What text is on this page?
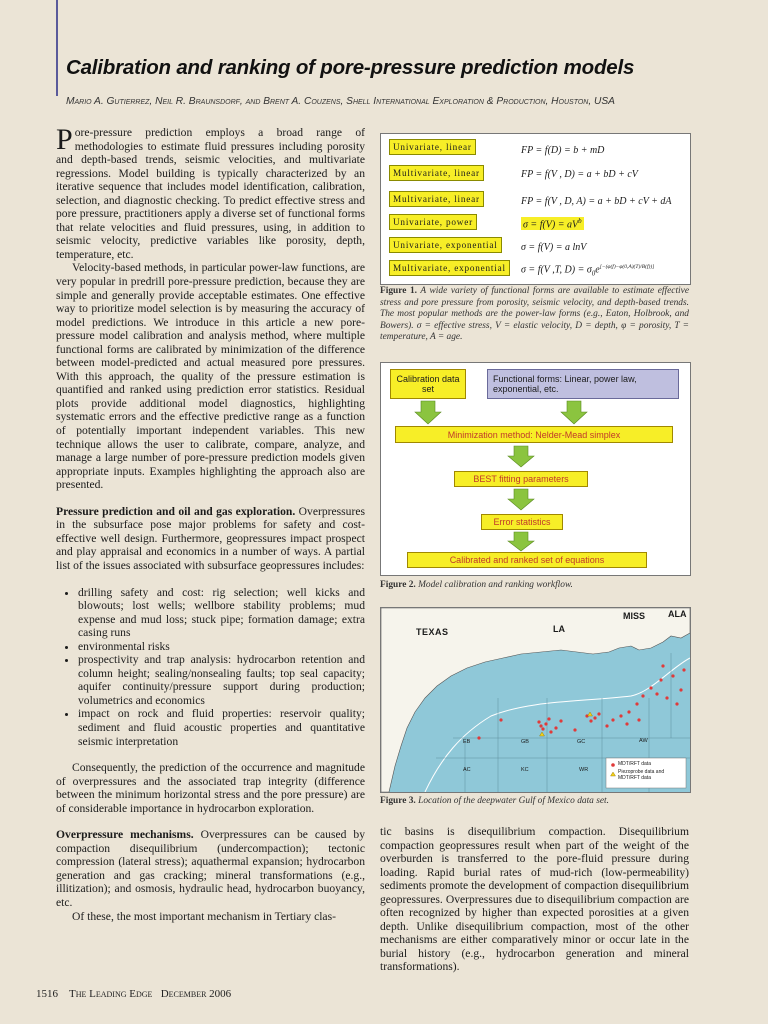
Calibration and ranking of pore-pressure prediction models
Mario A. Gutierrez, Neil R. Braunsdorf, and Brent A. Couzens, Shell International Exploration & Production, Houston, USA

Pore-pressure prediction employs a broad range of methodologies to estimate fluid pressures including porosity and depth-based trends, seismic velocities, and multivariate regressions. Model building is typically characterized by an iterative sequence that includes model identification, calibration, selection, and diagnostic checking. To predict effective stress and pore pressure, practitioners apply a diverse set of functional forms that relate velocities and fluid pressures, using, in addition to seismic velocity, predictive variables like porosity, depth, temperature, etc.

Velocity-based methods, in particular power-law functions, are very popular in predrill pore-pressure prediction, because they are simple and generally provide acceptable estimates. One effective way to prioritize model selection is by measuring the accuracy of model predictions. We introduce in this article a new pore-pressure model calibration and analysis method, where multiple functional forms are calibrated by minimization of the difference between model-predicted and actual measured pore pressures. With this approach, the quality of the pressure estimation is quantified and ranked using prediction error statistics. Residual plots provide additional model diagnostics, highlighting systematic errors and the effective predictive range as a function of potentially important independent variables. This new technique allows the user to calibrate, compare, analyze, and manage a large number of pore-pressure prediction models given appropriate inputs. Examples highlighting the approach also are presented.

Pressure prediction and oil and gas exploration. Overpressures in the subsurface pose major problems for safety and cost-effective well design. Furthermore, geopressures impact prospect and play appraisal and economics in a number of ways. A partial list of the issues associated with subsurface geopressures includes:

• drilling safety and cost: rig selection; well kicks and blowouts; lost wells; wellbore stability problems; mud expense and mud loss; stuck pipe; formation damage; extra casing runs
• environmental risks
• prospectivity and trap analysis: hydrocarbon retention and column height; sealing/nonsealing faults; top seal capacity; aquifer continuity/pressure support during production; volumetrics and economics
• impact on rock and fluid properties: reservoir quality; sediment and fluid acoustic properties and quantitative seismic interpretation

Consequently, the prediction of the occurrence and magnitude of overpressures and the associated trap integrity (difference between the minimum horizontal stress and the pore pressure) are of considerable importance in hydrocarbon exploration.

Overpressure mechanisms. Overpressures can be caused by compaction disequilibrium (undercompaction); tectonic compression (lateral stress); aquathermal expansion; hydrocarbon generation and gas cracking; mineral transformations (e.g., illitization); and osmosis, hydraulic head, hydrocarbon buoyancy, etc.

Of these, the most important mechanism in Tertiary clas-

tic basins is disequilibrium compaction. Disequilibrium compaction geopressures result when part of the weight of the overburden is transferred to the pore-fluid pressure during loading. Rapid burial rates of mud-rich (low-permeability) sediments promote the development of compaction disequilibrium geopressures. Overpressures due to disequilibrium compaction are often recognized by higher than expected porosities at a given depth. Unlike disequilibrium compaction, most of the other mechanisms are either comparatively minor or occur late in the burial history (e.g., hydrocarbon generation and mineral transformations).

Univariate, linear	FP = f(D) = b + mD
Multivariate, linear	FP = f(V , D) = a + bD + cV
Multivariate, linear	FP = f(V , D, A) = a + bD + cV + dA
Univariate, power	$\sigma = f(V) = aV^b$
Univariate, exponential	σ = f(V) = a lnV
Multivariate, exponential	σ = f(V ,T, $D) = \sigma_0e[-(\varphi(f)-\varphi(0,A)(T)/B(f))]$
Figure 1. A wide variety of functional forms are available to estimate effective stress and pore pressure from porosity, seismic velocity, and depth-based trends. The most popular methods are the power-law forms (e.g., Eaton, Holbrook, and Bowers). σ = effective stress, V = elastic velocity, D = depth, φ = porosity, T = temperature, A = age.
Calibration data set
Functional forms: Linear, power law, exponential, etc.
Minimization method: Nelder-Mead simplex
BEST fitting parameters
Error statistics
Calibrated and ranked set of equations
Figure 2. Model calibration and ranking workflow.
TEXAS	LA
MISS	ALA
EB	GB	GC	AW
AC	KC	WR
MDT/RFT data
Piezoprobe data and MDT/RFT data
Figure 3. Location of the deepwater Gulf of Mexico data set.
1516 The Leading Edge December 2006
